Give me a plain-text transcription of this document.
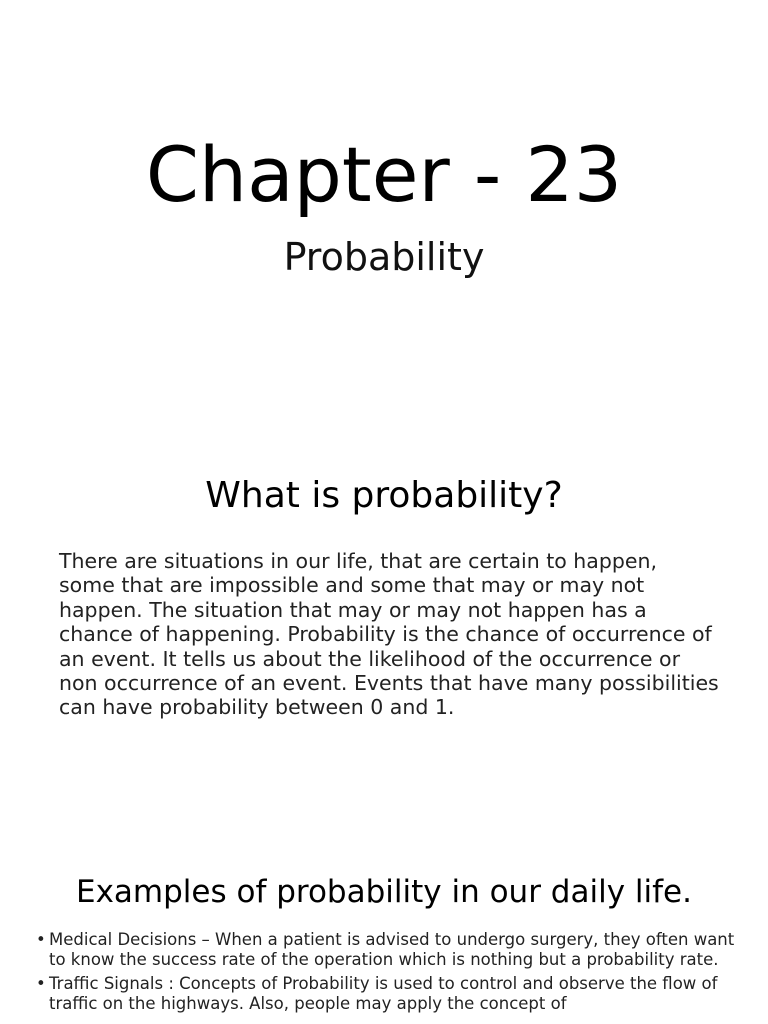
Chapter - 23
Probability
What is probability?

There are situations in our life, that are certain to happen, some that are impossible and some that may or may not happen. The situation that may or may not happen has a chance of happening. Probability is the chance of occurrence of an event. It tells us about the likelihood of the occurrence or non occurrence of an event. Events that have many possibilities can have probability between 0 and 1.

Examples of probability in our daily life.
• Medical Decisions – When a patient is advised to undergo surgery, they often want to know the success rate of the operation which is nothing but a probability rate.
• Traffic Signals : Concepts of Probability is used to control and observe the flow of traffic on the highways. Also, people may apply the concept of
